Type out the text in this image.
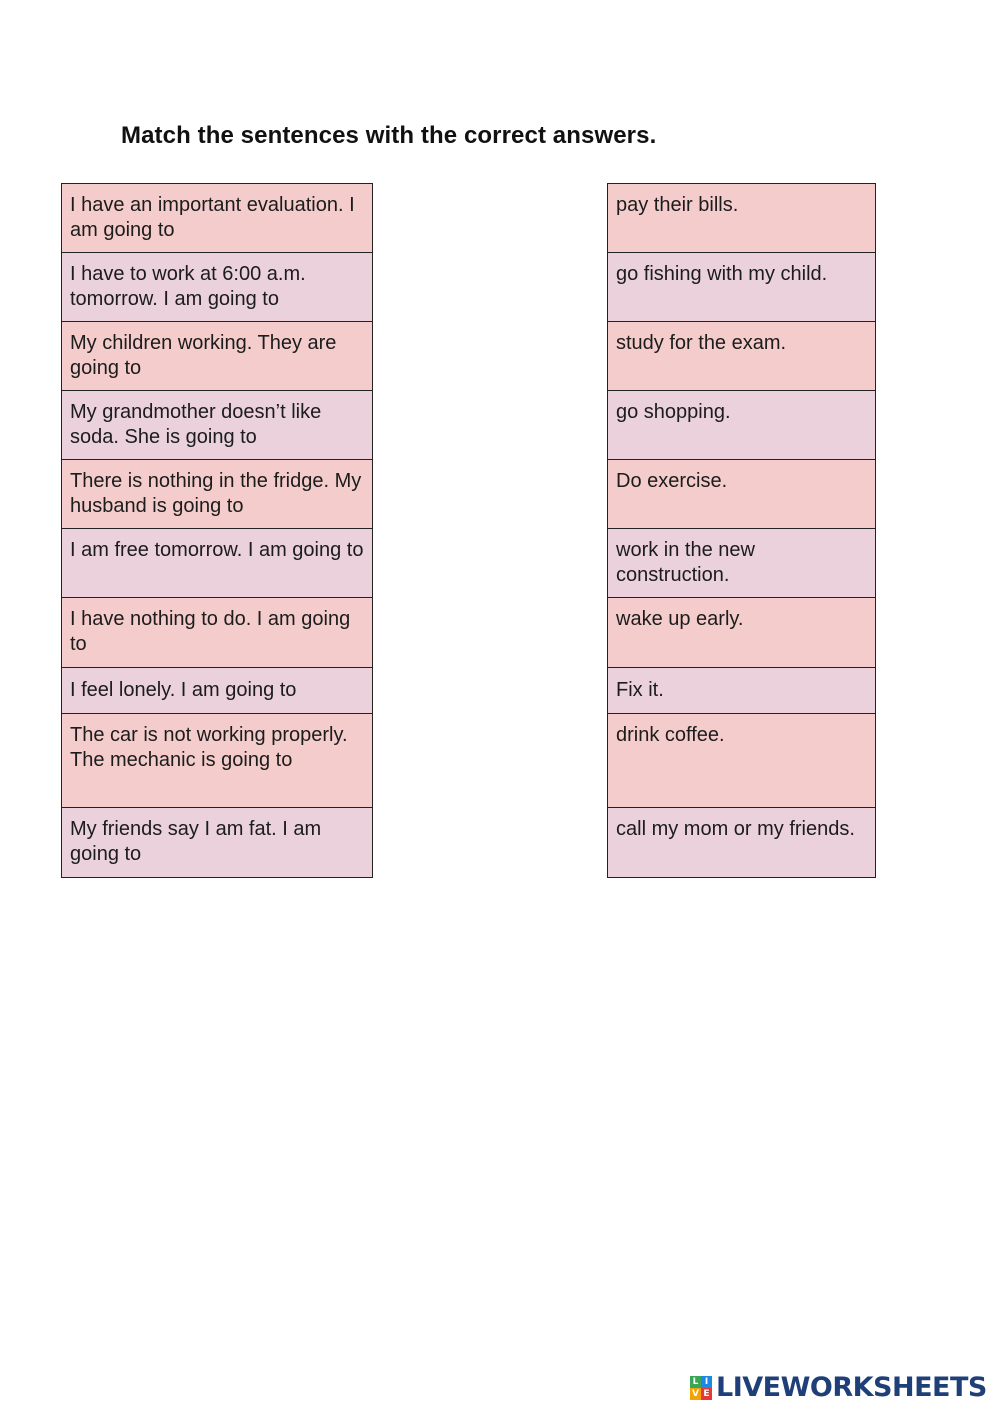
Match the sentences with the correct answers.
I have an important evaluation. I am going to
I have to work at 6:00 a.m. tomorrow. I am going to
My children working. They are going to
My grandmother doesn’t like soda. She is going to
There is nothing in the fridge. My husband is going to
I am free tomorrow. I am going to
I have nothing to do. I am going to
I feel lonely. I am going to
The car is not working properly. The mechanic is going to
My friends say I am fat. I am going to
pay their bills.
go fishing with my child.
study for the exam.
go shopping.
Do exercise.
work in the new construction.
wake up early.
Fix it.
drink coffee.
call my mom or my friends.
L I
V E LIVEWORKSHEETS
